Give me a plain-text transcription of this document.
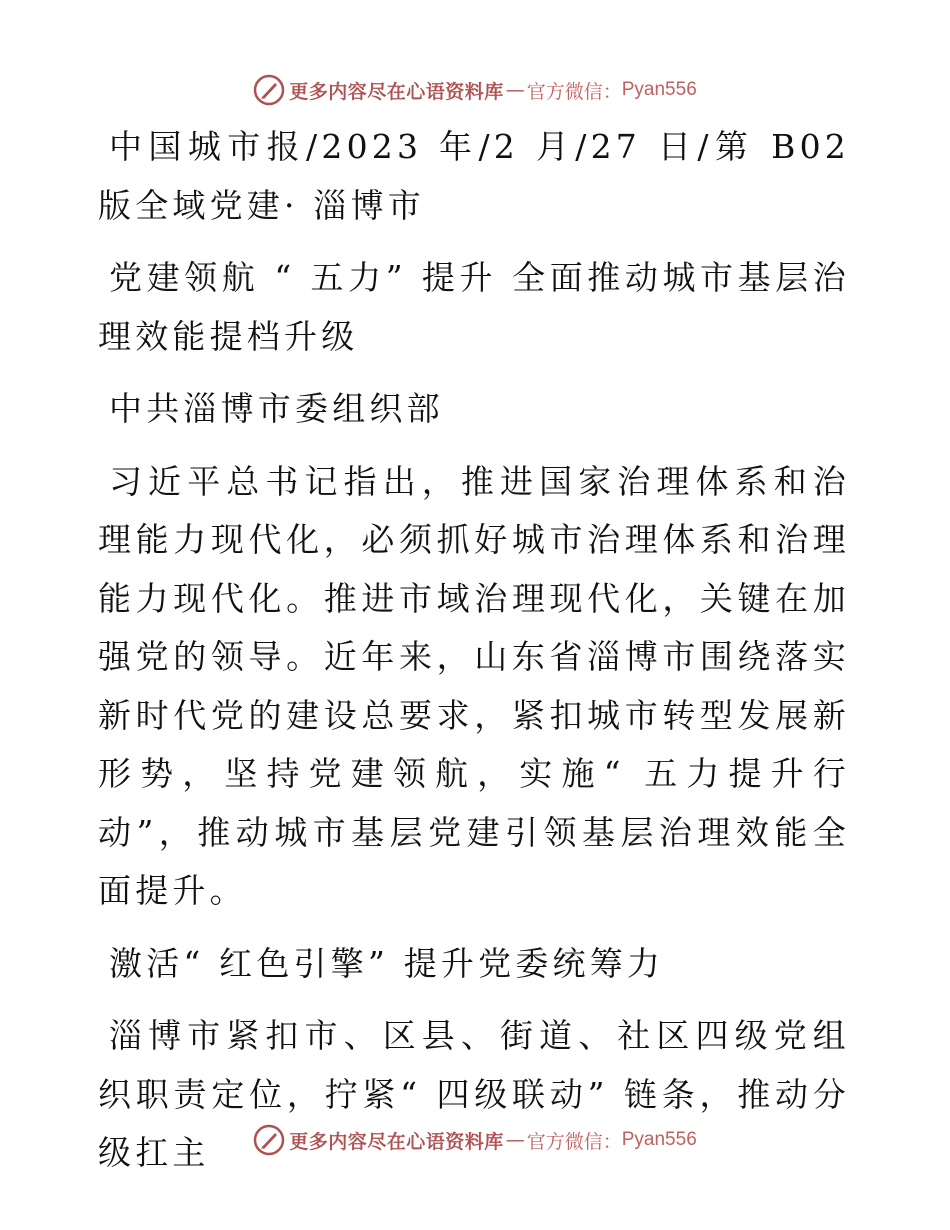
更多内容尽在心语资料库 — 官方微信： Pyan556

中国城市报/2023 年/2 月/27 日/第 B02 版全域党建· 淄博市

党建领航 “ 五力” 提升 全面推动城市基层治理效能提档升级

中共淄博市委组织部

习近平总书记指出，推进国家治理体系和治理能力现代化，必须抓好城市治理体系和治理能力现代化。推进市域治理现代化，关键在加强党的领导。近年来，山东省淄博市围绕落实新时代党的建设总要求，紧扣城市转型发展新形势，坚持党建领航，实施“ 五力提升行动”，推动城市基层党建引领基层治理效能全面提升。

激活“ 红色引擎” 提升党委统筹力

淄博市紧扣市、区县、街道、社区四级党组织职责定位，拧紧“ 四级联动” 链条，推动分级扛主	更多内容尽在心语资料库 — 官方微信： Pyan556
